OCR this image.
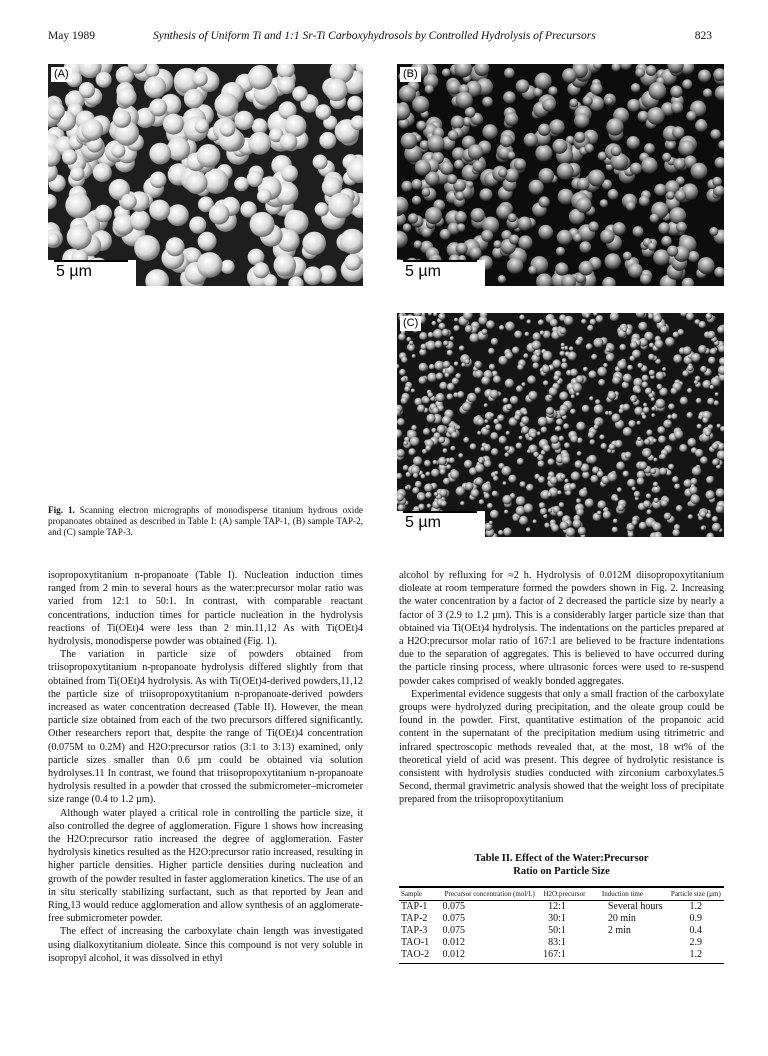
May 1989	Synthesis of Uniform Ti and 1:1 Sr-Ti Carboxyhydrosols by Controlled Hydrolysis of Precursors	823
(A)
5 µm
(B)
5 µm
(C)
5 µm
Fig. 1. Scanning electron micrographs of monodisperse titanium hydrous oxide propanoates obtained as described in Table I: (A) sample TAP-1, (B) sample TAP-2, and (C) sample TAP-3.

isopropoxytitanium n-propanoate (Table I). Nucleation induction times ranged from 2 min to several hours as the water:precursor molar ratio was varied from 12:1 to 50:1. In contrast, with comparable reactant concentrations, induction times for particle nucleation in the hydrolysis reactions of Ti(OEt)4 were less than 2 min.11,12 As with Ti(OEt)4 hydrolysis, monodisperse powder was obtained (Fig. 1).

The variation in particle size of powders obtained from triisopropoxytitanium n-propanoate hydrolysis differed slightly from that obtained from Ti(OEt)4 hydrolysis. As with Ti(OEt)4-derived powders,11,12 the particle size of triisopropoxytitanium n-propanoate-derived powders increased as water concentration decreased (Table II). However, the mean particle size obtained from each of the two precursors differed significantly. Other researchers report that, despite the range of Ti(OEt)4 concentration (0.075M to 0.2M) and H2O:precursor ratios (3:1 to 3:13) examined, only particle sizes smaller than 0.6 µm could be obtained via solution hydrolyses.11 In contrast, we found that triisopropoxytitanium n-propanoate hydrolysis resulted in a powder that crossed the submicrometer–micrometer size range (0.4 to 1.2 µm).

Although water played a critical role in controlling the particle size, it also controlled the degree of agglomeration. Figure 1 shows how increasing the H2O:precursor ratio increased the degree of agglomeration. Faster hydrolysis kinetics resulted as the H2O:precursor ratio increased, resulting in higher particle densities. Higher particle densities during nucleation and growth of the powder resulted in faster agglomeration kinetics. The use of an in situ sterically stabilizing surfactant, such as that reported by Jean and Ring,13 would reduce agglomeration and allow synthesis of an agglomerate-free submicrometer powder.

The effect of increasing the carboxylate chain length was investigated using dialkoxytitanium dioleate. Since this compound is not very soluble in isopropyl alcohol, it was dissolved in ethyl

alcohol by refluxing for ≈2 h. Hydrolysis of 0.012M diisopropoxytitanium dioleate at room temperature formed the powders shown in Fig. 2. Increasing the water concentration by a factor of 2 decreased the particle size by nearly a factor of 3 (2.9 to 1.2 µm). This is a considerably larger particle size than that obtained via Ti(OEt)4 hydrolysis. The indentations on the particles prepared at a H2O:precursor molar ratio of 167:1 are believed to be fracture indentations due to the separation of aggregates. This is believed to have occurred during the particle rinsing process, where ultrasonic forces were used to re-suspend powder cakes comprised of weakly bonded aggregates.

Experimental evidence suggests that only a small fraction of the carboxylate groups were hydrolyzed during precipitation, and the oleate group could be found in the powder. First, quantitative estimation of the propanoic acid content in the supernatant of the precipitation medium using titrimetric and infrared spectroscopic methods revealed that, at the most, 18 wt% of the theoretical yield of acid was present. This degree of hydrolytic resistance is consistent with hydrolysis studies conducted with zirconium carboxylates.5 Second, thermal gravimetric analysis showed that the weight loss of precipitate prepared from the triisopropoxytitanium

Table II. Effect of the Water:Precursor
Ratio on Particle Size

Sample	Precursor concentration (mol/L)	H2O:precursor	Induction time	Particle size (µm)
TAP-1	0.075	12:1	Several hours	1.2
TAP-2	0.075	30:1	20 min	0.9
TAP-3	0.075	50:1	2 min	0.4
TAO-1	0.012	83:1		2.9
TAO-2	0.012	167:1		1.2
